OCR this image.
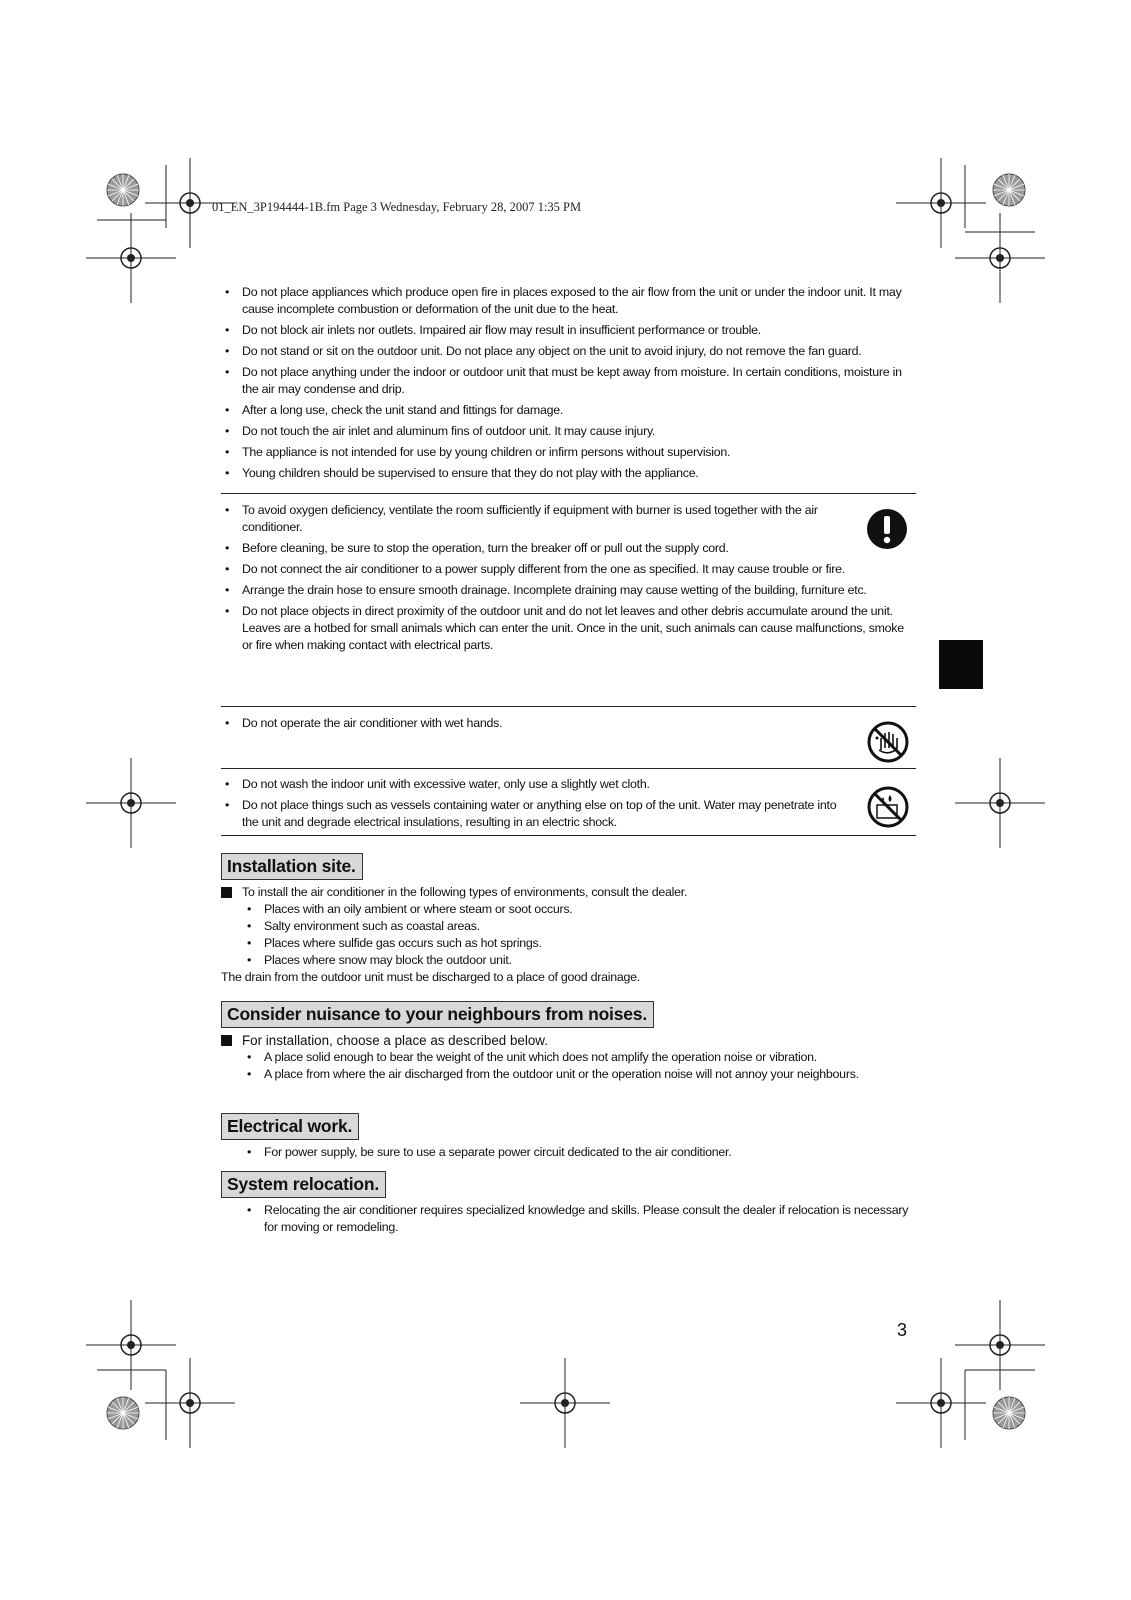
01_EN_3P194444-1B.fm Page 3 Wednesday, February 28, 2007 1:35 PM
• Do not place appliances which produce open fire in places exposed to the air flow from the unit or under the indoor unit. It may cause incomplete combustion or deformation of the unit due to the heat.
• Do not block air inlets nor outlets. Impaired air flow may result in insufficient performance or trouble.
• Do not stand or sit on the outdoor unit. Do not place any object on the unit to avoid injury, do not remove the fan guard.
• Do not place anything under the indoor or outdoor unit that must be kept away from moisture. In certain conditions, moisture in the air may condense and drip.
• After a long use, check the unit stand and fittings for damage.
• Do not touch the air inlet and aluminum fins of outdoor unit. It may cause injury.
• The appliance is not intended for use by young children or infirm persons without supervision.
• Young children should be supervised to ensure that they do not play with the appliance.
• To avoid oxygen deficiency, ventilate the room sufficiently if equipment with burner is used together with the air conditioner.
• Before cleaning, be sure to stop the operation, turn the breaker off or pull out the supply cord.
• Do not connect the air conditioner to a power supply different from the one as specified. It may cause trouble or fire.
• Arrange the drain hose to ensure smooth drainage. Incomplete draining may cause wetting of the building, furniture etc.
• Do not place objects in direct proximity of the outdoor unit and do not let leaves and other debris accumulate around the unit.
Leaves are a hotbed for small animals which can enter the unit. Once in the unit, such animals can cause malfunctions, smoke or fire when making contact with electrical parts.
• Do not operate the air conditioner with wet hands.
• Do not wash the indoor unit with excessive water, only use a slightly wet cloth.
• Do not place things such as vessels containing water or anything else on top of the unit. Water may penetrate into the unit and degrade electrical insulations, resulting in an electric shock.
Installation site.
To install the air conditioner in the following types of environments, consult the dealer.
• Places with an oily ambient or where steam or soot occurs.
• Salty environment such as coastal areas.
• Places where sulfide gas occurs such as hot springs.
• Places where snow may block the outdoor unit.
The drain from the outdoor unit must be discharged to a place of good drainage.
Consider nuisance to your neighbours from noises.
For installation, choose a place as described below.
• A place solid enough to bear the weight of the unit which does not amplify the operation noise or vibration.
• A place from where the air discharged from the outdoor unit or the operation noise will not annoy your neighbours.
Electrical work.
• For power supply, be sure to use a separate power circuit dedicated to the air conditioner.
System relocation.
• Relocating the air conditioner requires specialized knowledge and skills. Please consult the dealer if relocation is necessary for moving or remodeling.
3
